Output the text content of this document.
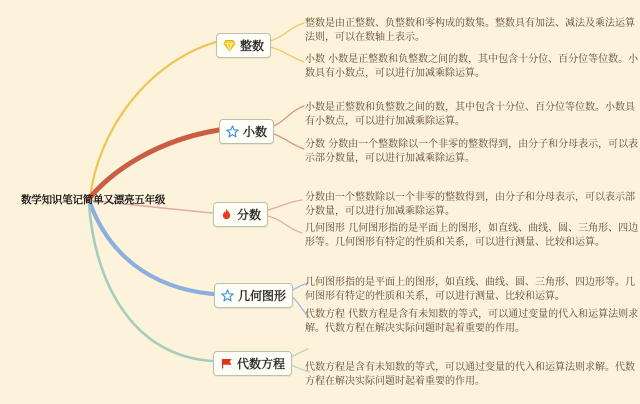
数学知识笔记简单又漂亮五年级
整数
小数
分数
几何图形
代数方程
整数是由正整数、负整数和零构成的数集。整数具有加法、减法及乘法运算法则，可以在数轴上表示。
小数 小数是正整数和负整数之间的数，其中包含十分位、百分位等位数。小数具有小数点，可以进行加减乘除运算。
小数是正整数和负整数之间的数，其中包含十分位、百分位等位数。小数具有小数点，可以进行加减乘除运算。
分数 分数由一个整数除以一个非零的整数得到，由分子和分母表示，可以表示部分数量，可以进行加减乘除运算。
分数由一个整数除以一个非零的整数得到，由分子和分母表示，可以表示部分数量，可以进行加减乘除运算。
几何图形 几何图形指的是平面上的图形，如直线、曲线、圆、三角形、四边形等。几何图形有特定的性质和关系，可以进行测量、比较和运算。
几何图形指的是平面上的图形，如直线、曲线、圆、三角形、四边形等。几何图形有特定的性质和关系，可以进行测量、比较和运算。
代数方程 代数方程是含有未知数的等式，可以通过变量的代入和运算法则求解。代数方程在解决实际问题时起着重要的作用。
代数方程是含有未知数的等式，可以通过变量的代入和运算法则求解。代数方程在解决实际问题时起着重要的作用。
